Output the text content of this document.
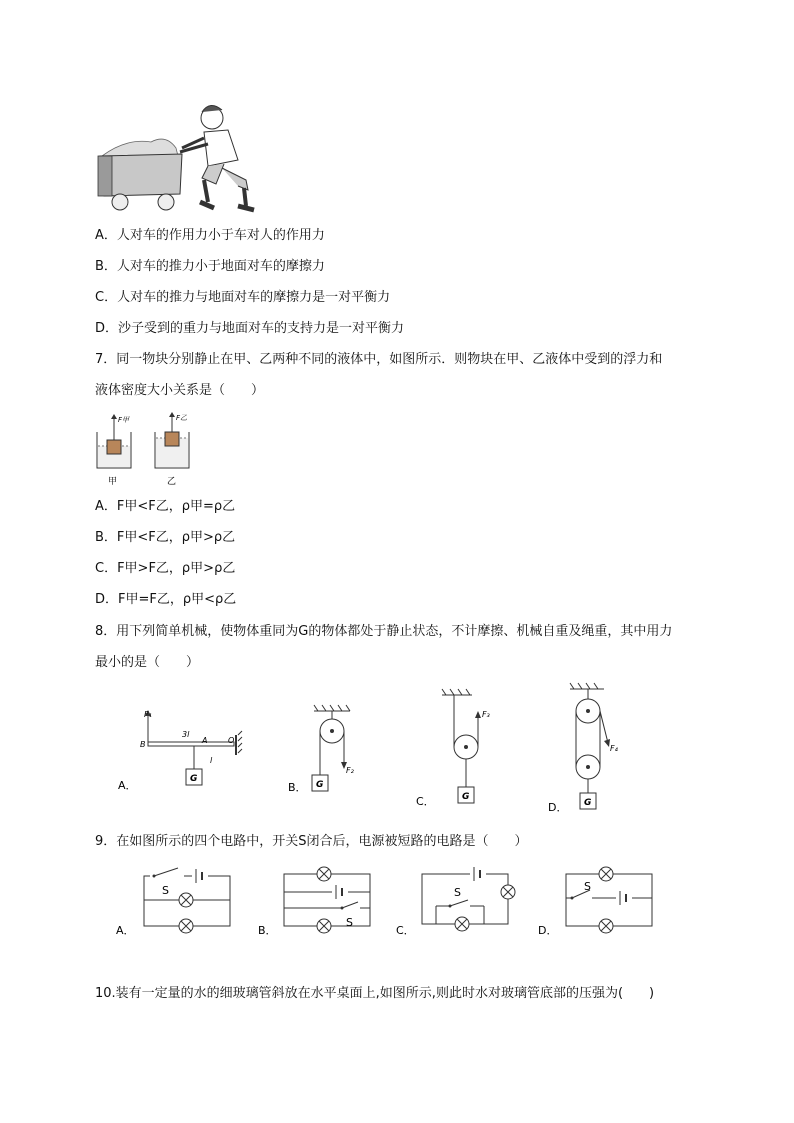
A．人对车的作用力小于车对人的作用力
B．人对车的推力小于地面对车的摩擦力
C．人对车的推力与地面对车的摩擦力是一对平衡力
D．沙子受到的重力与地面对车的支持力是一对平衡力
7．同一物块分别静止在甲、乙两种不同的液体中，如图所示．则物块在甲、乙液体中受到的浮力和
液体密度大小关系是（　　）
F甲	F乙
甲	乙
A．F甲<F乙，ρ甲=ρ乙
B．F甲<F乙，ρ甲>ρ乙
C．F甲>F乙，ρ甲>ρ乙
D．F甲=F乙，ρ甲<ρ乙
8．用下列简单机械，使物体重同为G的物体都处于静止状态，不计摩擦、机械自重及绳重，其中用力
最小的是（　　）
F₁
G
3l
l
B	A	O
A．
F₂
G
B．
F₃
G
C．
F₄
G
D．
9．在如图所示的四个电路中，开关S闭合后，电源被短路的电路是（　　）
S
A．
S
B．
S
C．
S
D．
10.装有一定量的水的细玻璃管斜放在水平桌面上,如图所示,则此时水对玻璃管底部的压强为(　　)
